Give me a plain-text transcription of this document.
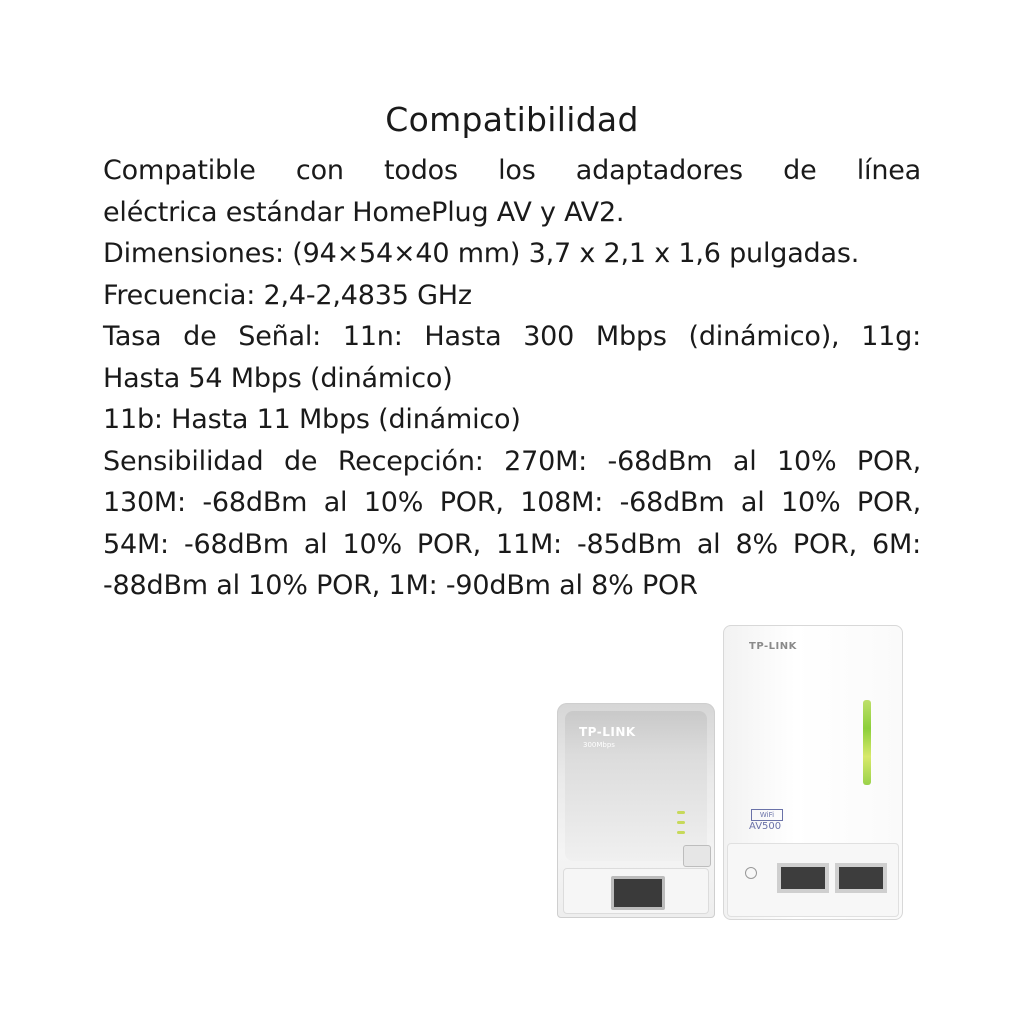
Compatibilidad

Compatible con todos los adaptadores de línea

eléctrica estándar HomePlug AV y AV2.

Dimensiones: (94×54×40 mm) 3,7 x 2,1 x 1,6 pulgadas.

Frecuencia: 2,4-2,4835 GHz

Tasa de Señal: 11n: Hasta 300 Mbps (dinámico), 11g:

Hasta 54 Mbps (dinámico)

11b: Hasta 11 Mbps (dinámico)

Sensibilidad de Recepción: 270M: -68dBm al 10% POR,

130M: -68dBm al 10% POR, 108M: -68dBm al 10% POR,

54M: -68dBm al 10% POR, 11M: -85dBm al 8% POR, 6M:

-88dBm al 10% POR, 1M: -90dBm al 8% POR

TP-LINK
300Mbps
TP-LINK
WiFi
AV500
